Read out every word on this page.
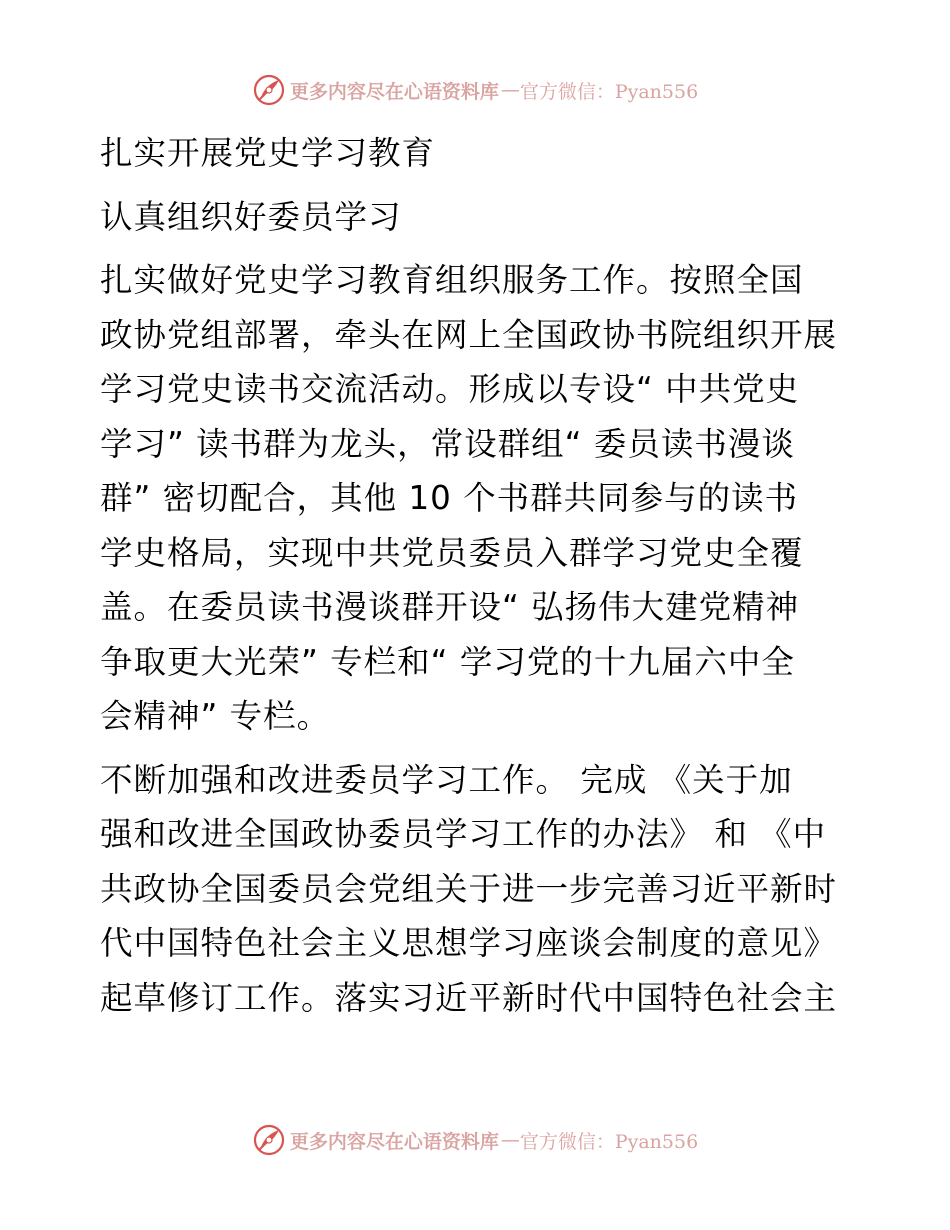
更多内容尽在心语资料库 — 官方微信：Pyan556
扎实开展党史学习教育
认真组织好委员学习
扎实做好党史学习教育组织服务工作。按照全国
政协党组部署，牵头在网上全国政协书院组织开展
学习党史读书交流活动。形成以专设“ 中共党史
学习” 读书群为龙头，常设群组“ 委员读书漫谈
群” 密切配合，其他 10 个书群共同参与的读书
学史格局，实现中共党员委员入群学习党史全覆
盖。在委员读书漫谈群开设“ 弘扬伟大建党精神
争取更大光荣” 专栏和“ 学习党的十九届六中全
会精神” 专栏。
不断加强和改进委员学习工作。 完成 《关于加
强和改进全国政协委员学习工作的办法》 和 《中
共政协全国委员会党组关于进一步完善习近平新时
代中国特色社会主义思想学习座谈会制度的意见》
起草修订工作。落实习近平新时代中国特色社会主
更多内容尽在心语资料库 — 官方微信：Pyan556
